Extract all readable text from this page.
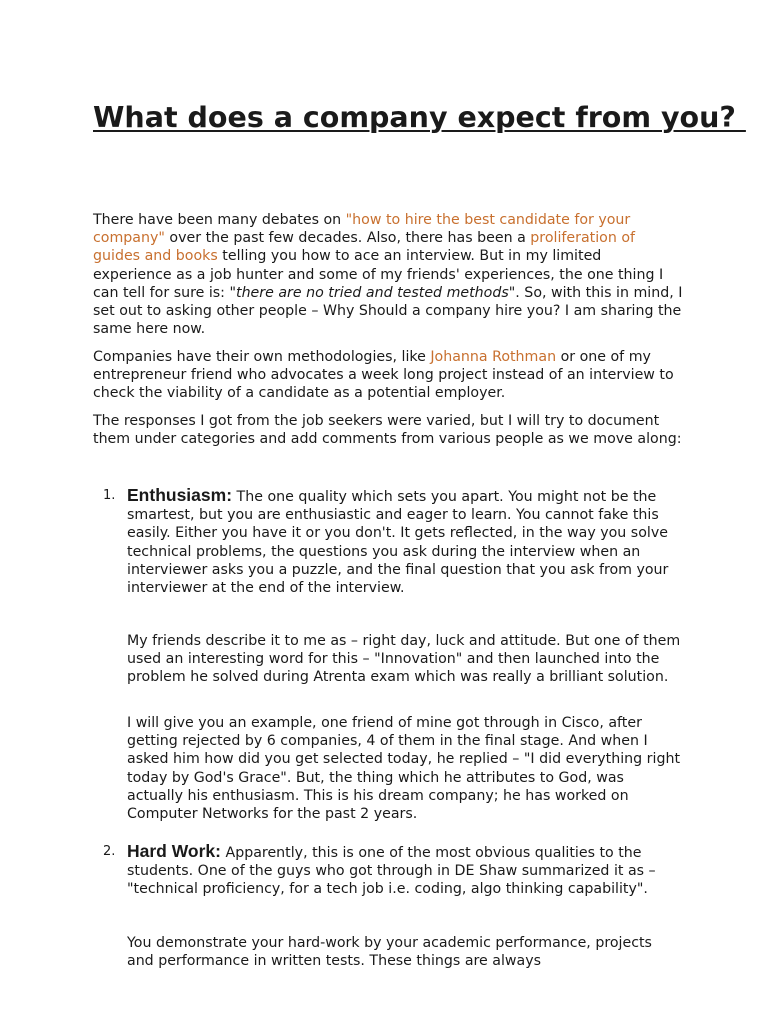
What does a company expect from you?

There have been many debates on "how to hire the best candidate for your company" over the past few decades. Also, there has been a proliferation of guides and books telling you how to ace an interview. But in my limited experience as a job hunter and some of my friends' experiences, the one thing I can tell for sure is: "there are no tried and tested methods". So, with this in mind, I set out to asking other people – Why Should a company hire you? I am sharing the same here now.

Companies have their own methodologies, like Johanna Rothman or one of my entrepreneur friend who advocates a week long project instead of an interview to check the viability of a candidate as a potential employer.

The responses I got from the job seekers were varied, but I will try to document them under categories and add comments from various people as we move along:

1. Enthusiasm: The one quality which sets you apart. You might not be the smartest, but you are enthusiastic and eager to learn. You cannot fake this easily. Either you have it or you don't. It gets reflected, in the way you solve technical problems, the questions you ask during the interview when an interviewer asks you a puzzle, and the final question that you ask from your interviewer at the end of the interview.

My friends describe it to me as – right day, luck and attitude. But one of them used an interesting word for this – "Innovation" and then launched into the problem he solved during Atrenta exam which was really a brilliant solution.

I will give you an example, one friend of mine got through in Cisco, after getting rejected by 6 companies, 4 of them in the final stage. And when I asked him how did you get selected today, he replied – "I did everything right today by God's Grace". But, the thing which he attributes to God, was actually his enthusiasm. This is his dream company; he has worked on Computer Networks for the past 2 years.

2. Hard Work: Apparently, this is one of the most obvious qualities to the students. One of the guys who got through in DE Shaw summarized it as – "technical proficiency, for a tech job i.e. coding, algo thinking capability".

You demonstrate your hard-work by your academic performance, projects and performance in written tests. These things are always
